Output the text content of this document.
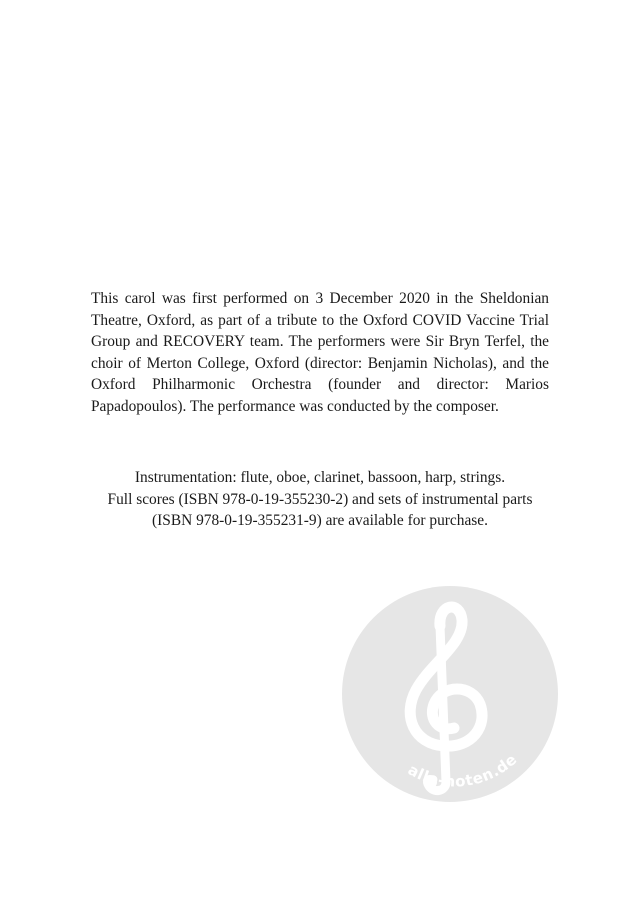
alle-noten.de

This carol was first performed on 3 December 2020 in the Sheldonian Theatre, Oxford, as part of a tribute to the Oxford COVID Vaccine Trial Group and RECOVERY team. The performers were Sir Bryn Terfel, the choir of Merton College, Oxford (director: Benjamin Nicholas), and the Oxford Philharmonic Orchestra (founder and director: Marios Papadopoulos). The performance was conducted by the composer.

Instrumentation: flute, oboe, clarinet, bassoon, harp, strings.
Full scores (ISBN 978-0-19-355230-2) and sets of instrumental parts
(ISBN 978-0-19-355231-9) are available for purchase.
